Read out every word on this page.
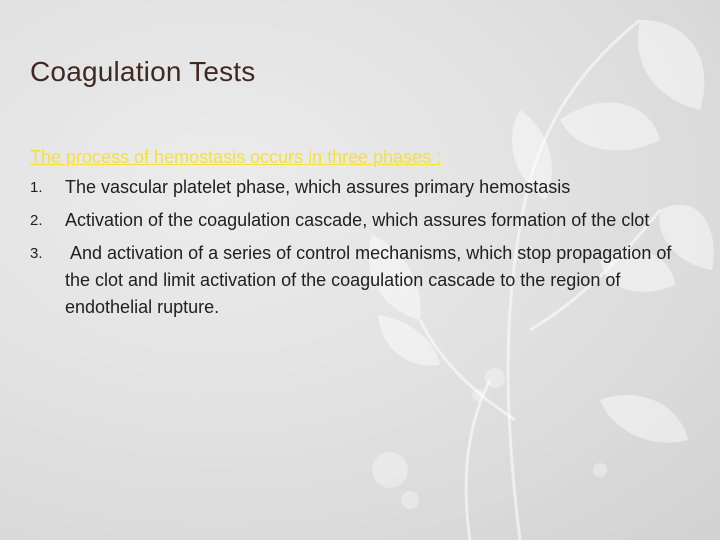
Coagulation Tests

The process of hemostasis occurs in three phases :

1. The vascular platelet phase, which assures primary hemostasis
2. Activation of the coagulation cascade, which assures formation of the clot
3. And activation of a series of control mechanisms, which stop propagation of the clot and limit activation of the coagulation cascade to the region of endothelial rupture.
